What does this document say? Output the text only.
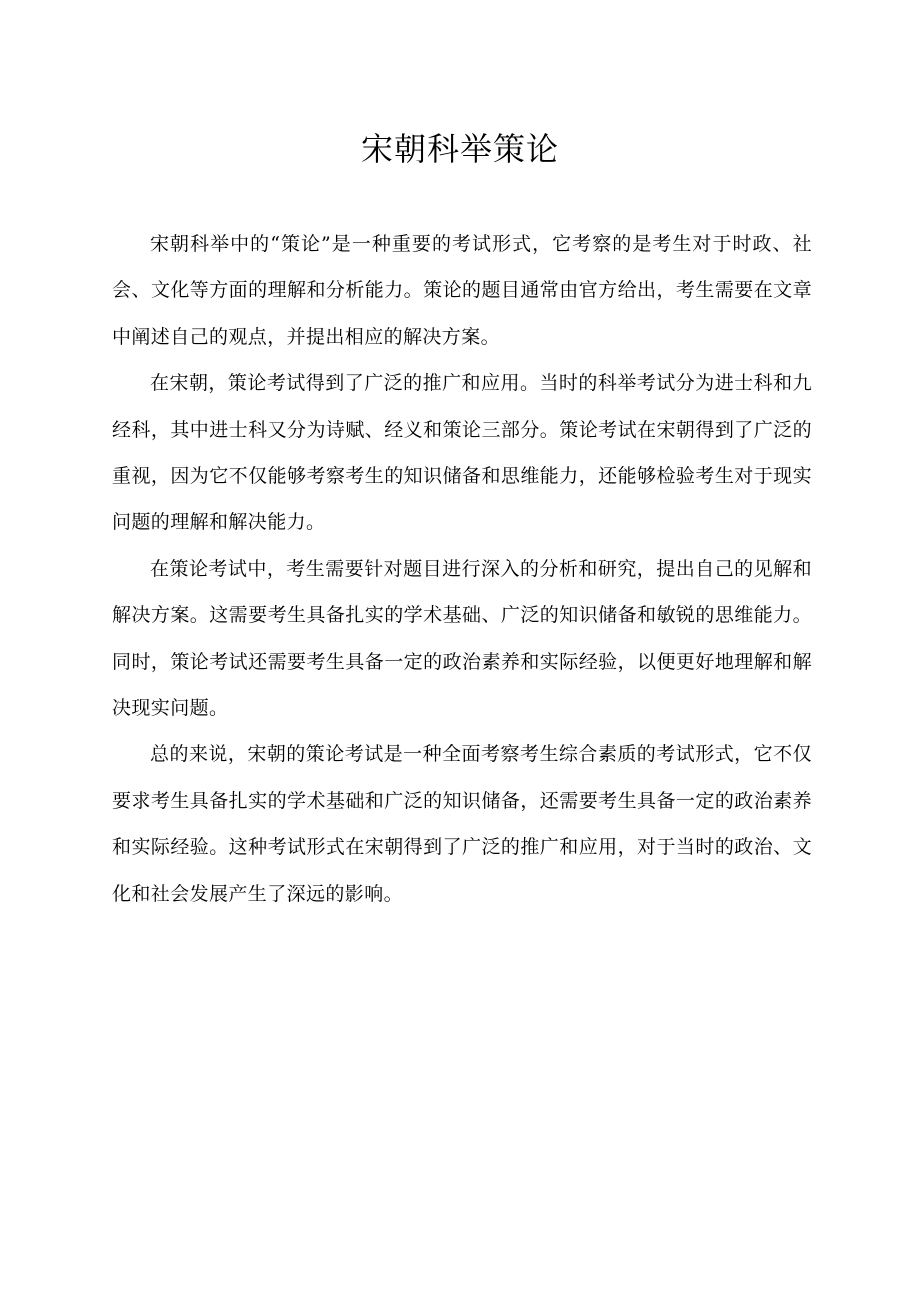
宋朝科举策论

宋朝科举中的“策论”是一种重要的考试形式，它考察的是考生对于时政、社会、文化等方面的理解和分析能力。策论的题目通常由官方给出，考生需要在文章中阐述自己的观点，并提出相应的解决方案。

在宋朝，策论考试得到了广泛的推广和应用。当时的科举考试分为进士科和九经科，其中进士科又分为诗赋、经义和策论三部分。策论考试在宋朝得到了广泛的重视，因为它不仅能够考察考生的知识储备和思维能力，还能够检验考生对于现实问题的理解和解决能力。

在策论考试中，考生需要针对题目进行深入的分析和研究，提出自己的见解和解决方案。这需要考生具备扎实的学术基础、广泛的知识储备和敏锐的思维能力。同时，策论考试还需要考生具备一定的政治素养和实际经验，以便更好地理解和解决现实问题。

总的来说，宋朝的策论考试是一种全面考察考生综合素质的考试形式，它不仅要求考生具备扎实的学术基础和广泛的知识储备，还需要考生具备一定的政治素养和实际经验。这种考试形式在宋朝得到了广泛的推广和应用，对于当时的政治、文化和社会发展产生了深远的影响。
